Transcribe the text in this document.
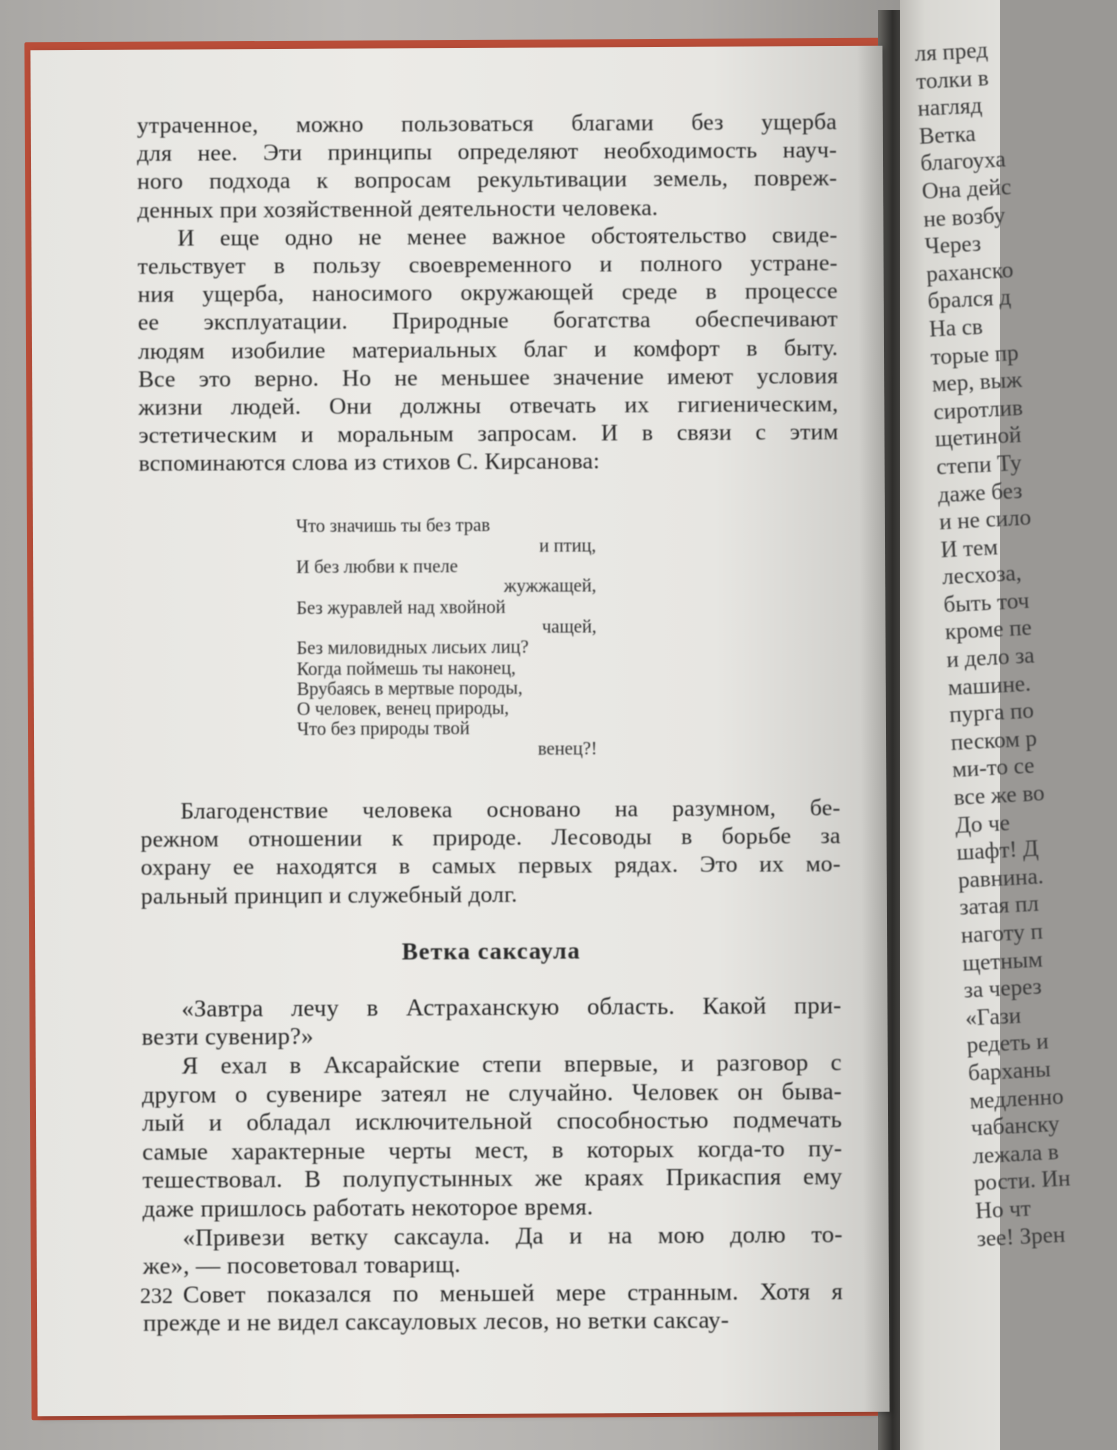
ля пред
толки в
нагляд
Ветка
благоуха
Она дейс
не возбу
Через
раханско
брался д
На св
торые пр
мер, выж
сиротлив
щетиной
степи Ту
даже без
и не сило
И тем
лесхоза,
быть точ
кроме пе
и дело за
машине.
пурга по
песком р
ми-то се
все же во
До че
шафт! Д
равнина.
затая пл
наготу п
щетным
за через
«Гази
редеть и
барханы
медленно
чабанску
лежала в
рости. Ин
Но чт
зее! Зрен
утраченное, можно пользоваться благами без ущерба
для нее. Эти принципы определяют необходимость науч-
ного подхода к вопросам рекультивации земель, повреж-
денных при хозяйственной деятельности человека.
И еще одно не менее важное обстоятельство свиде-
тельствует в пользу своевременного и полного устране-
ния ущерба, наносимого окружающей среде в процессе
ее эксплуатации. Природные богатства обеспечивают
людям изобилие материальных благ и комфорт в быту.
Все это верно. Но не меньшее значение имеют условия
жизни людей. Они должны отвечать их гигиеническим,
эстетическим и моральным запросам. И в связи с этим
вспоминаются слова из стихов С. Кирсанова:
Что значишь ты без трав
и птиц,
И без любви к пчеле
жужжащей,
Без журавлей над хвойной
чащей,
Без миловидных лисьих лиц?
Когда поймешь ты наконец,
Врубаясь в мертвые породы,
О человек, венец природы,
Что без природы твой
венец?!
Благоденствие человека основано на разумном, бе-
режном отношении к природе. Лесоводы в борьбе за
охрану ее находятся в самых первых рядах. Это их мо-
ральный принцип и служебный долг.
Ветка саксаула
«Завтра лечу в Астраханскую область. Какой при-
везти сувенир?»
Я ехал в Аксарайские степи впервые, и разговор с
другом о сувенире затеял не случайно. Человек он быва-
лый и обладал исключительной способностью подмечать
самые характерные черты мест, в которых когда-то пу-
тешествовал. В полупустынных же краях Прикаспия ему
даже пришлось работать некоторое время.
«Привези ветку саксаула. Да и на мою долю то-
же», — посоветовал товарищ.
Совет показался по меньшей мере странным. Хотя я
прежде и не видел саксауловых лесов, но ветки саксау-
232
